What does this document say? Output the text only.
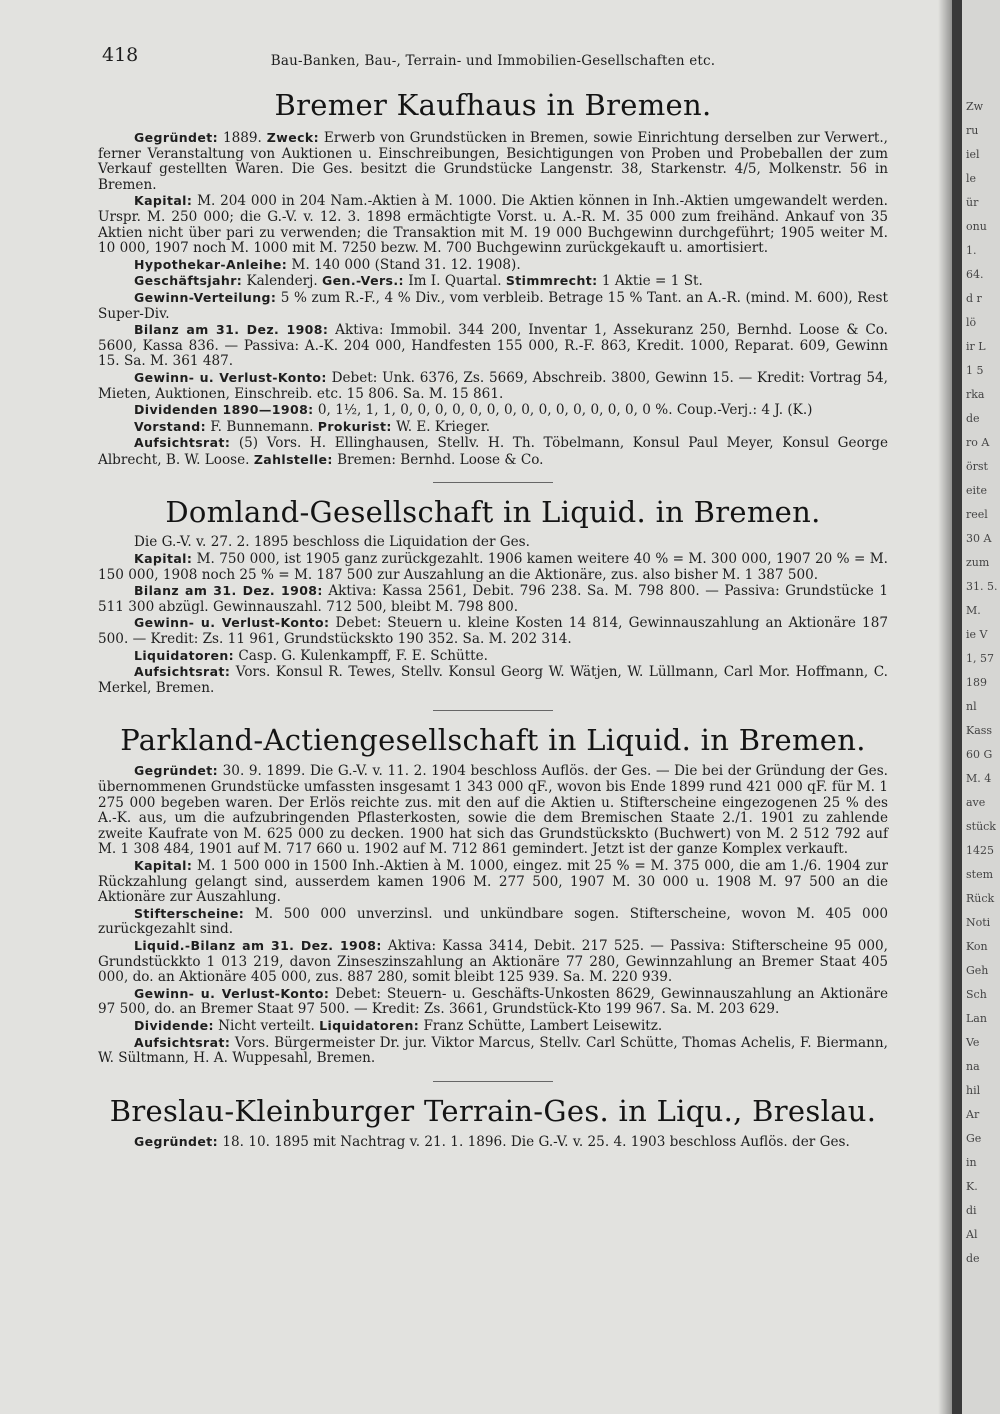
Zw
ru
iel
le
ür
onu
1.
64.
d r
lö
ir L
1 5
rka
de
ro A
örst
eite
reel
30 A
zum
31. 5.
M.
ie V
1, 57
189
nl
Kass
60 G
M. 4
ave
stück
1425
stem
Rück
Noti
Kon
Geh
Sch
Lan
Ve
na
hil
Ar
Ge
in
K.
di
Al
de
418	Bau-Banken, Bau-, Terrain- und Immobilien-Gesellschaften etc.
Bremer Kaufhaus in Bremen.

Gegründet: 1889. Zweck: Erwerb von Grundstücken in Bremen, sowie Einrichtung derselben zur Verwert., ferner Veranstaltung von Auktionen u. Einschreibungen, Besichtigungen von Proben und Probeballen der zum Verkauf gestellten Waren. Die Ges. besitzt die Grundstücke Langenstr. 38, Starkenstr. 4/5, Molkenstr. 56 in Bremen.

Kapital: M. 204 000 in 204 Nam.-Aktien à M. 1000. Die Aktien können in Inh.-Aktien umgewandelt werden. Urspr. M. 250 000; die G.-V. v. 12. 3. 1898 ermächtigte Vorst. u. A.-R. M. 35 000 zum freihänd. Ankauf von 35 Aktien nicht über pari zu verwenden; die Transaktion mit M. 19 000 Buchgewinn durchgeführt; 1905 weiter M. 10 000, 1907 noch M. 1000 mit M. 7250 bezw. M. 700 Buchgewinn zurückgekauft u. amortisiert.

Hypothekar-Anleihe: M. 140 000 (Stand 31. 12. 1908).

Geschäftsjahr: Kalenderj. Gen.-Vers.: Im I. Quartal. Stimmrecht: 1 Aktie = 1 St.

Gewinn-Verteilung: 5 % zum R.-F., 4 % Div., vom verbleib. Betrage 15 % Tant. an A.-R. (mind. M. 600), Rest Super-Div.

Bilanz am 31. Dez. 1908: Aktiva: Immobil. 344 200, Inventar 1, Assekuranz 250, Bernhd. Loose & Co. 5600, Kassa 836. — Passiva: A.-K. 204 000, Handfesten 155 000, R.-F. 863, Kredit. 1000, Reparat. 609, Gewinn 15. Sa. M. 361 487.

Gewinn- u. Verlust-Konto: Debet: Unk. 6376, Zs. 5669, Abschreib. 3800, Gewinn 15. — Kredit: Vortrag 54, Mieten, Auktionen, Einschreib. etc. 15 806. Sa. M. 15 861.

Dividenden 1890—1908: 0, 1½, 1, 1, 0, 0, 0, 0, 0, 0, 0, 0, 0, 0, 0, 0, 0, 0, 0 %. Coup.-Verj.: 4 J. (K.)

Vorstand: F. Bunnemann. Prokurist: W. E. Krieger.

Aufsichtsrat: (5) Vors. H. Ellinghausen, Stellv. H. Th. Töbelmann, Konsul Paul Meyer, Konsul George Albrecht, B. W. Loose. Zahlstelle: Bremen: Bernhd. Loose & Co.

Domland-Gesellschaft in Liquid. in Bremen.

Die G.-V. v. 27. 2. 1895 beschloss die Liquidation der Ges.

Kapital: M. 750 000, ist 1905 ganz zurückgezahlt. 1906 kamen weitere 40 % = M. 300 000, 1907 20 % = M. 150 000, 1908 noch 25 % = M. 187 500 zur Auszahlung an die Aktionäre, zus. also bisher M. 1 387 500.

Bilanz am 31. Dez. 1908: Aktiva: Kassa 2561, Debit. 796 238. Sa. M. 798 800. — Passiva: Grundstücke 1 511 300 abzügl. Gewinnauszahl. 712 500, bleibt M. 798 800.

Gewinn- u. Verlust-Konto: Debet: Steuern u. kleine Kosten 14 814, Gewinnauszahlung an Aktionäre 187 500. — Kredit: Zs. 11 961, Grundstückskto 190 352. Sa. M. 202 314.

Liquidatoren: Casp. G. Kulenkampff, F. E. Schütte.

Aufsichtsrat: Vors. Konsul R. Tewes, Stellv. Konsul Georg W. Wätjen, W. Lüllmann, Carl Mor. Hoffmann, C. Merkel, Bremen.

Parkland-Actiengesellschaft in Liquid. in Bremen.

Gegründet: 30. 9. 1899. Die G.-V. v. 11. 2. 1904 beschloss Auflös. der Ges. — Die bei der Gründung der Ges. übernommenen Grundstücke umfassten insgesamt 1 343 000 qF., wovon bis Ende 1899 rund 421 000 qF. für M. 1 275 000 begeben waren. Der Erlös reichte zus. mit den auf die Aktien u. Stifterscheine eingezogenen 25 % des A.-K. aus, um die aufzubringenden Pflasterkosten, sowie die dem Bremischen Staate 2./1. 1901 zu zahlende zweite Kaufrate von M. 625 000 zu decken. 1900 hat sich das Grundstückskto (Buchwert) von M. 2 512 792 auf M. 1 308 484, 1901 auf M. 717 660 u. 1902 auf M. 712 861 gemindert. Jetzt ist der ganze Komplex verkauft.

Kapital: M. 1 500 000 in 1500 Inh.-Aktien à M. 1000, eingez. mit 25 % = M. 375 000, die am 1./6. 1904 zur Rückzahlung gelangt sind, ausserdem kamen 1906 M. 277 500, 1907 M. 30 000 u. 1908 M. 97 500 an die Aktionäre zur Auszahlung.

Stifterscheine: M. 500 000 unverzinsl. und unkündbare sogen. Stifterscheine, wovon M. 405 000 zurückgezahlt sind.

Liquid.-Bilanz am 31. Dez. 1908: Aktiva: Kassa 3414, Debit. 217 525. — Passiva: Stifterscheine 95 000, Grundstückkto 1 013 219, davon Zinseszinszahlung an Aktionäre 77 280, Gewinnzahlung an Bremer Staat 405 000, do. an Aktionäre 405 000, zus. 887 280, somit bleibt 125 939. Sa. M. 220 939.

Gewinn- u. Verlust-Konto: Debet: Steuern- u. Geschäfts-Unkosten 8629, Gewinnauszahlung an Aktionäre 97 500, do. an Bremer Staat 97 500. — Kredit: Zs. 3661, Grundstück-Kto 199 967. Sa. M. 203 629.

Dividende: Nicht verteilt. Liquidatoren: Franz Schütte, Lambert Leisewitz.

Aufsichtsrat: Vors. Bürgermeister Dr. jur. Viktor Marcus, Stellv. Carl Schütte, Thomas Achelis, F. Biermann, W. Sültmann, H. A. Wuppesahl, Bremen.

Breslau-Kleinburger Terrain-Ges. in Liqu., Breslau.

Gegründet: 18. 10. 1895 mit Nachtrag v. 21. 1. 1896. Die G.-V. v. 25. 4. 1903 beschloss Auflös. der Ges.
